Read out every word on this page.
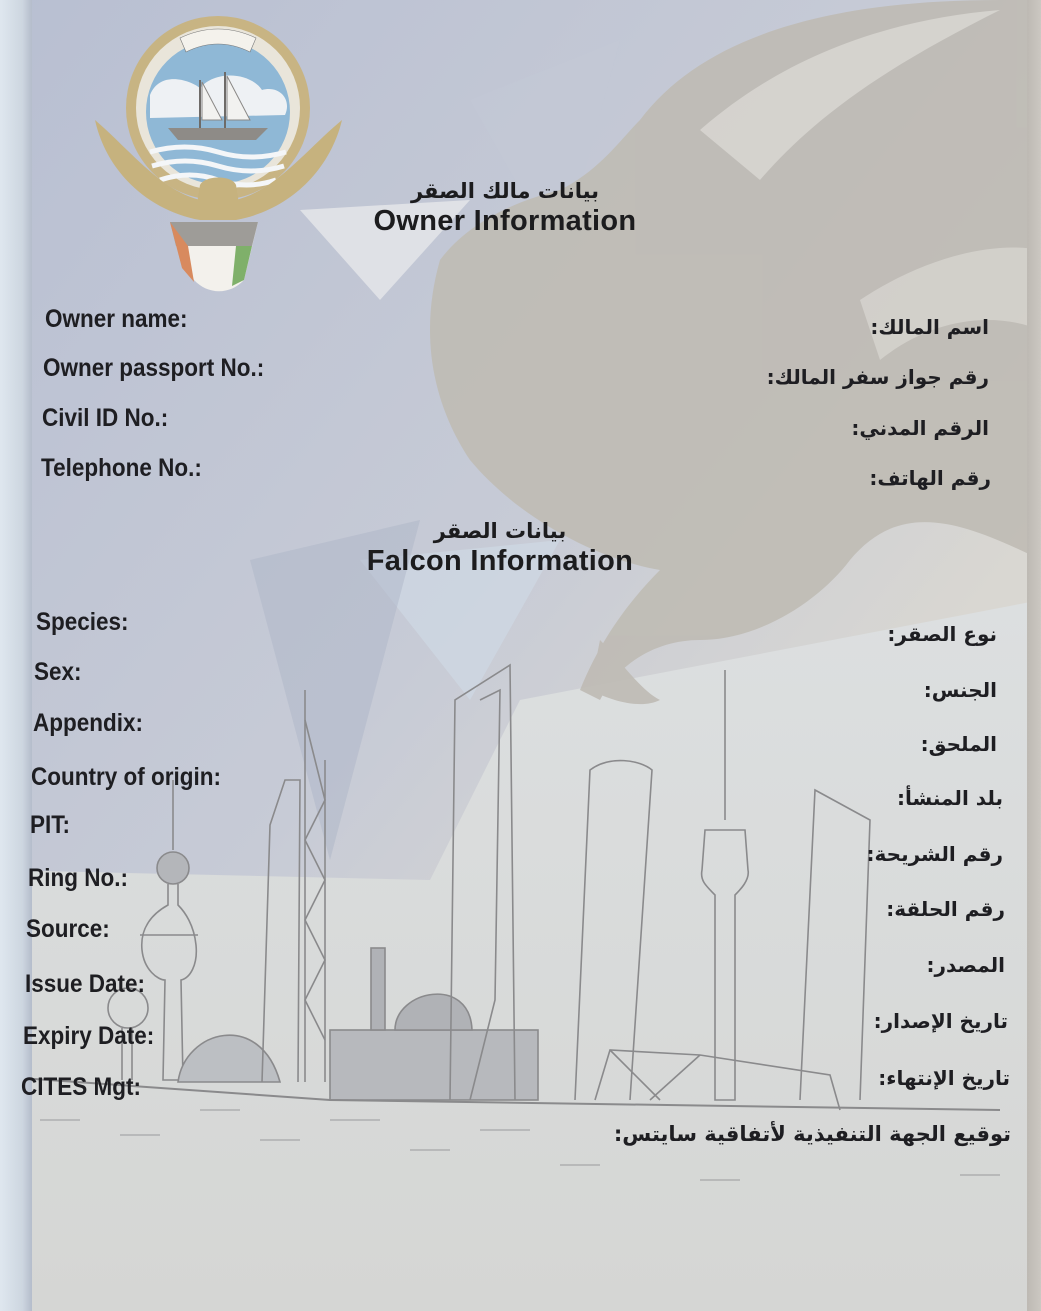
بيانات مالك الصقر
Owner Information
Owner name:
Owner passport No.:
Civil ID No.:
Telephone No.:
اسم المالك:
رقم جواز سفر المالك:
الرقم المدني:
رقم الهاتف:
بيانات الصقر
Falcon Information
Species:
Sex:
Appendix:
Country of origin:
PIT:
Ring No.:
Source:
Issue Date:
Expiry Date:
CITES Mgt:
نوع الصقر:
الجنس:
الملحق:
بلد المنشأ:
رقم الشريحة:
رقم الحلقة:
المصدر:
تاريخ الإصدار:
تاريخ الإنتهاء:
توقيع الجهة التنفيذية لأتفاقية سايتس:
